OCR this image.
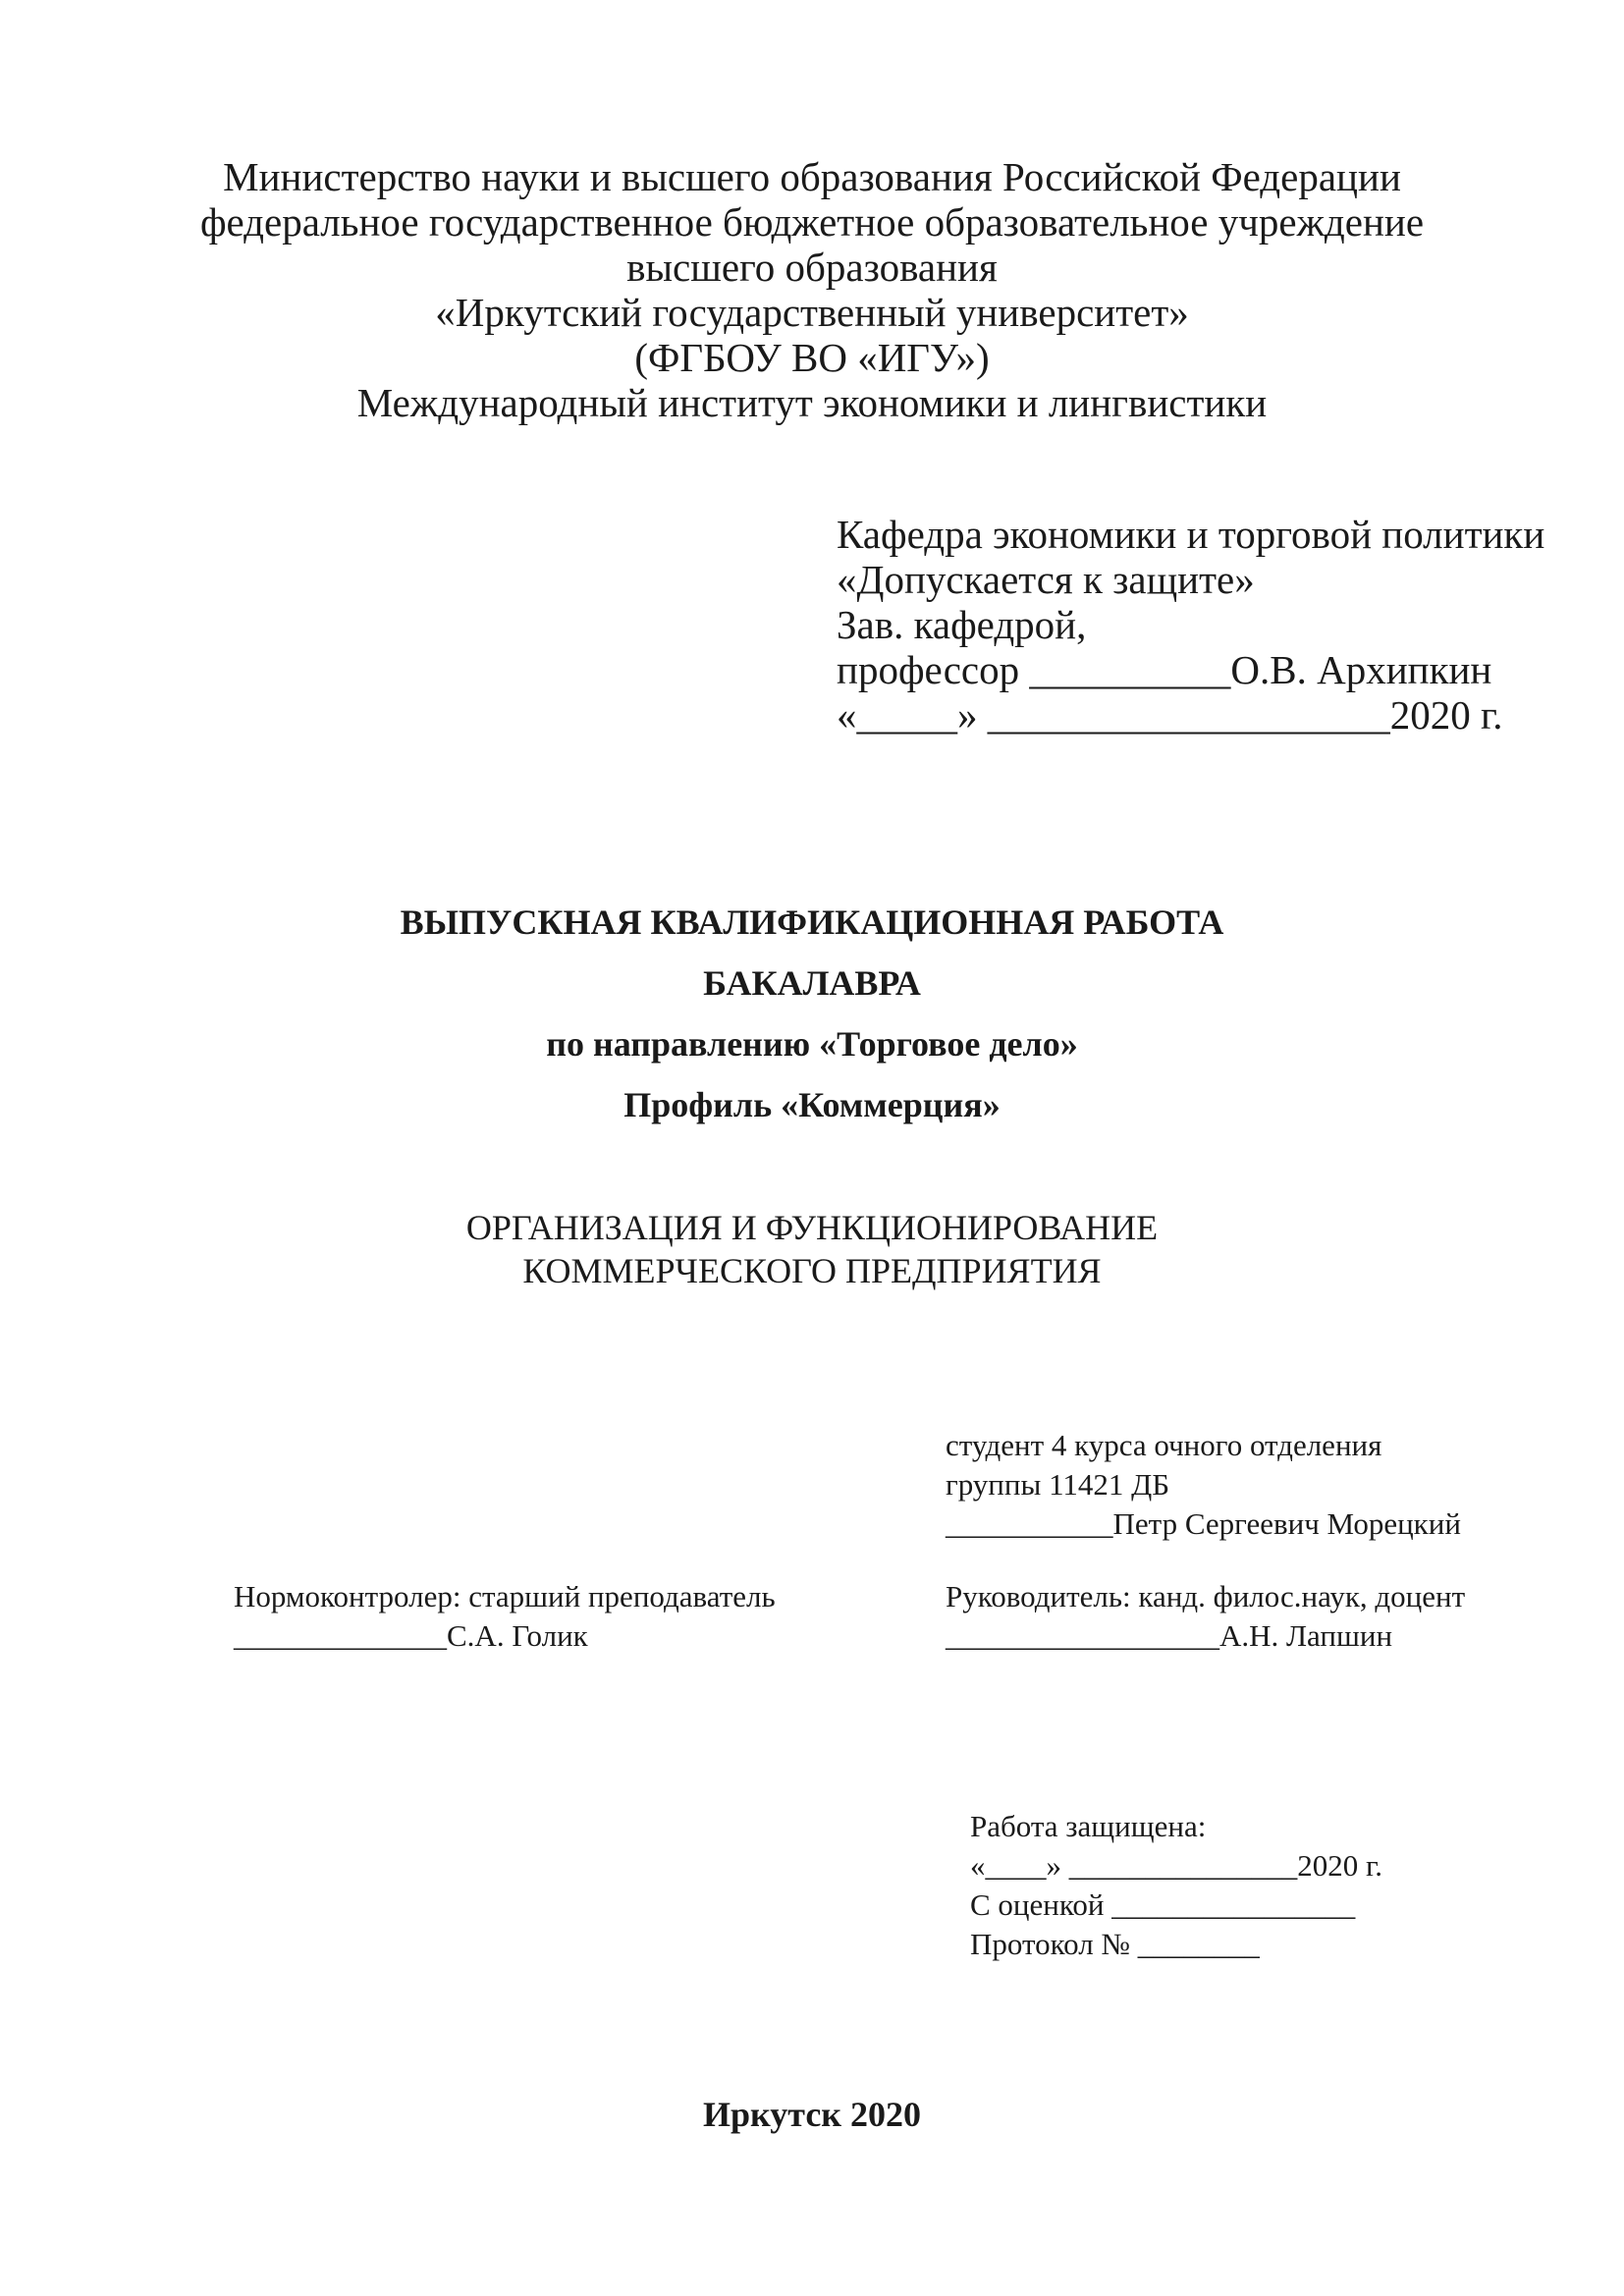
Министерство науки и высшего образования Российской Федерации
федеральное государственное бюджетное образовательное учреждение
высшего образования
«Иркутский государственный университет»
(ФГБОУ ВО «ИГУ»)
Международный институт экономики и лингвистики
Кафедра экономики и торговой политики
«Допускается к защите»
Зав. кафедрой,
профессор __________О.В. Архипкин
«_____» ____________________2020 г.
ВЫПУСКНАЯ КВАЛИФИКАЦИОННАЯ РАБОТА
БАКАЛАВРА
по направлению «Торговое дело»
Профиль «Коммерция»
ОРГАНИЗАЦИЯ И ФУНКЦИОНИРОВАНИЕ
КОММЕРЧЕСКОГО ПРЕДПРИЯТИЯ
студент 4 курса очного отделения
группы 11421 ДБ
___________Петр Сергеевич Морецкий
Нормоконтролер: старший преподаватель
______________С.А. Голик
Руководитель: канд. филос.наук, доцент
__________________А.Н. Лапшин
Работа защищена:
«____» _______________2020 г.
С оценкой ________________
Протокол № ________
Иркутск 2020
